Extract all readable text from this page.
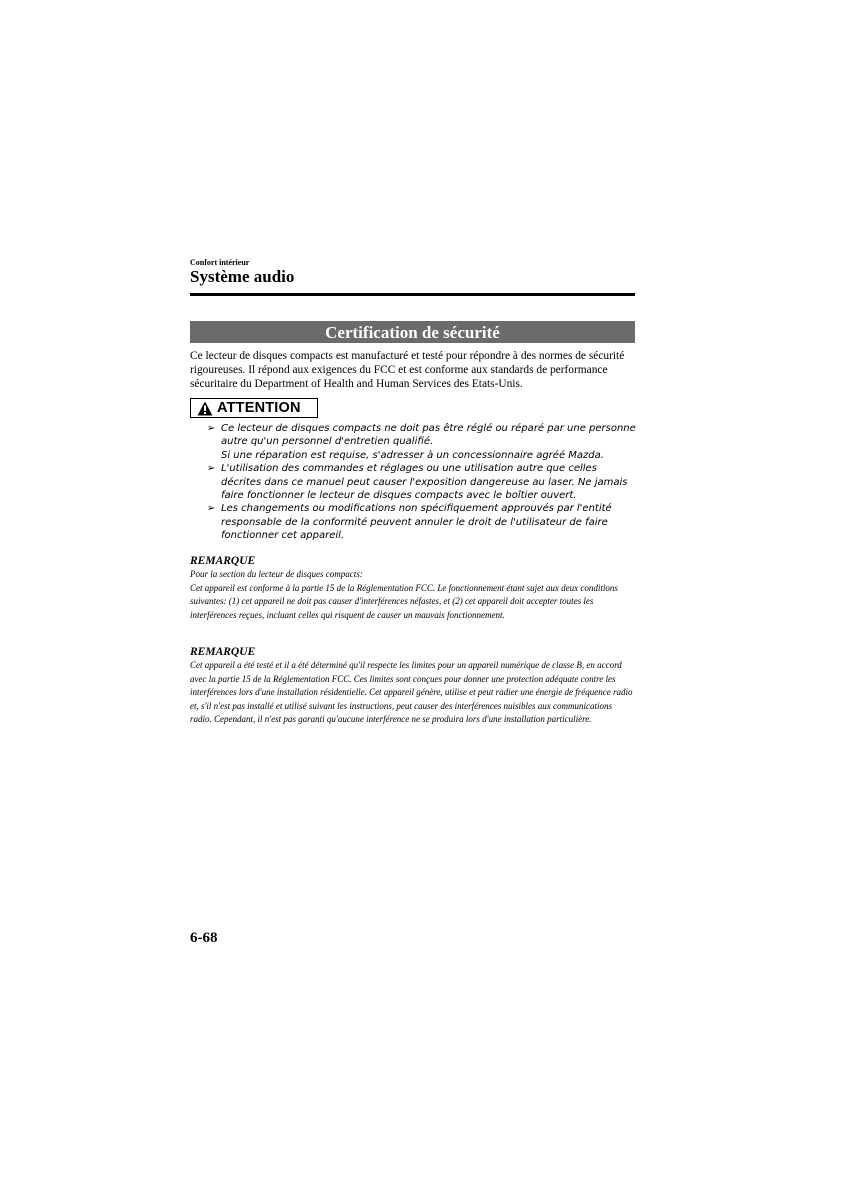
Confort intérieur
Système audio
Certification de sécurité

Ce lecteur de disques compacts est manufacturé et testé pour répondre à des normes de sécurité rigoureuses. Il répond aux exigences du FCC et est conforme aux standards de performance sécuritaire du Department of Health and Human Services des Etats-Unis.

ATTENTION
➢ Ce lecteur de disques compacts ne doit pas être réglé ou réparé par une personne autre qu'un personnel d'entretien qualifié.
Si une réparation est requise, s'adresser à un concessionnaire agréé Mazda.
➢ L'utilisation des commandes et réglages ou une utilisation autre que celles décrites dans ce manuel peut causer l'exposition dangereuse au laser. Ne jamais faire fonctionner le lecteur de disques compacts avec le boîtier ouvert.
➢ Les changements ou modifications non spécifiquement approuvés par l'entité responsable de la conformité peuvent annuler le droit de l'utilisateur de faire fonctionner cet appareil.

REMARQUE

Pour la section du lecteur de disques compacts:
Cet appareil est conforme à la partie 15 de la Réglementation FCC. Le fonctionnement étant sujet aux deux conditions suivantes: (1) cet appareil ne doit pas causer d'interférences néfastes, et (2) cet appareil doit accepter toutes les interférences reçues, incluant celles qui risquent de causer un mauvais fonctionnement.

REMARQUE

Cet appareil a été testé et il a été déterminé qu'il respecte les limites pour un appareil numérique de classe B, en accord avec la partie 15 de la Réglementation FCC. Ces limites sont conçues pour donner une protection adéquate contre les interférences lors d'une installation résidentielle. Cet appareil génère, utilise et peut radier une énergie de fréquence radio et, s'il n'est pas installé et utilisé suivant les instructions, peut causer des interférences nuisibles aux communications radio. Cependant, il n'est pas garanti qu'aucune interférence ne se produira lors d'une installation particulière.

6-68
